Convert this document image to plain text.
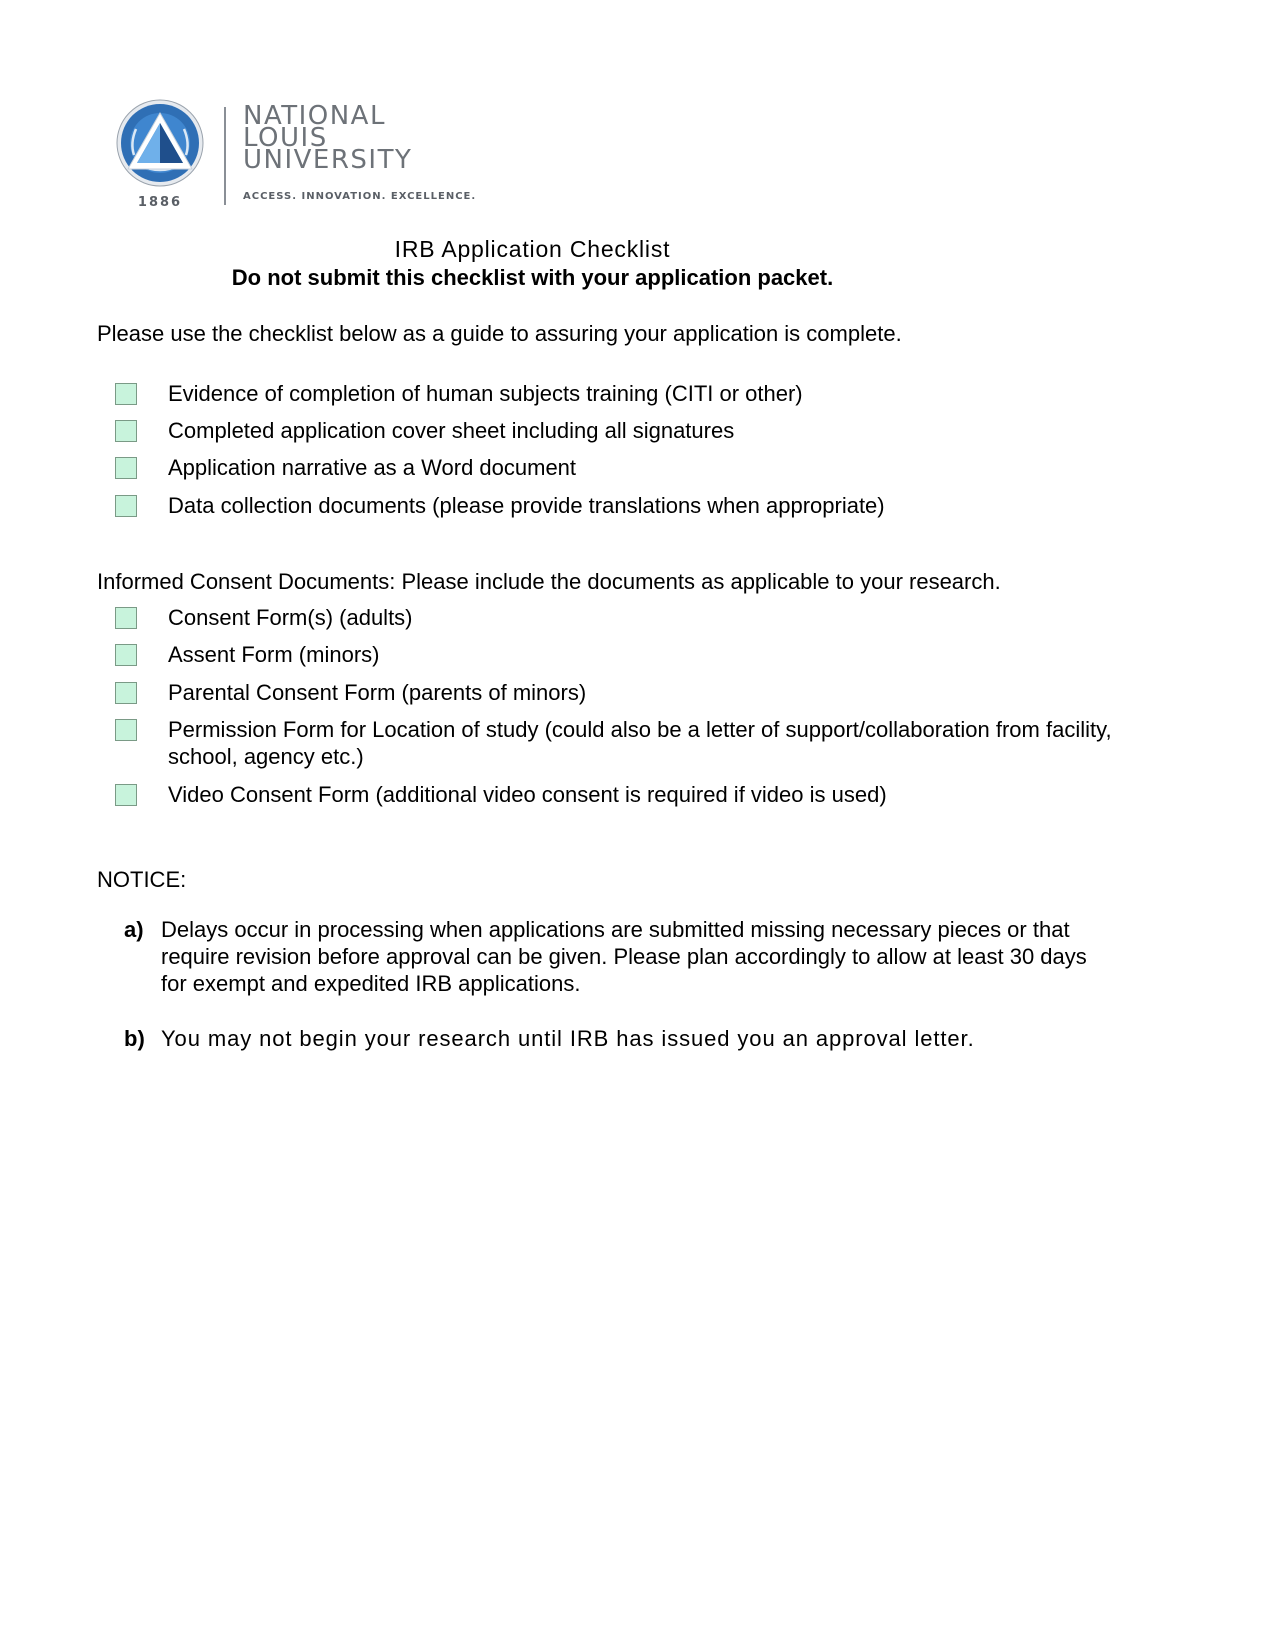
1886
NATIONAL
LOUIS
UNIVERSITY
ACCESS. INNOVATION. EXCELLENCE.
IRB Application Checklist
Do not submit this checklist with your application packet.
Please use the checklist below as a guide to assuring your application is complete.
Evidence of completion of human subjects training (CITI or other)
Completed application cover sheet including all signatures
Application narrative as a Word document
Data collection documents (please provide translations when appropriate)
Informed Consent Documents: Please include the documents as applicable to your research.
Consent Form(s) (adults)
Assent Form (minors)
Parental Consent Form (parents of minors)
Permission Form for Location of study (could also be a letter of support/collaboration from facility, school, agency etc.)
Video Consent Form (additional video consent is required if video is used)
NOTICE:
a) Delays occur in processing when applications are submitted missing necessary pieces or that require revision before approval can be given. Please plan accordingly to allow at least 30 days for exempt and expedited IRB applications.
b) You may not begin your research until IRB has issued you an approval letter.
